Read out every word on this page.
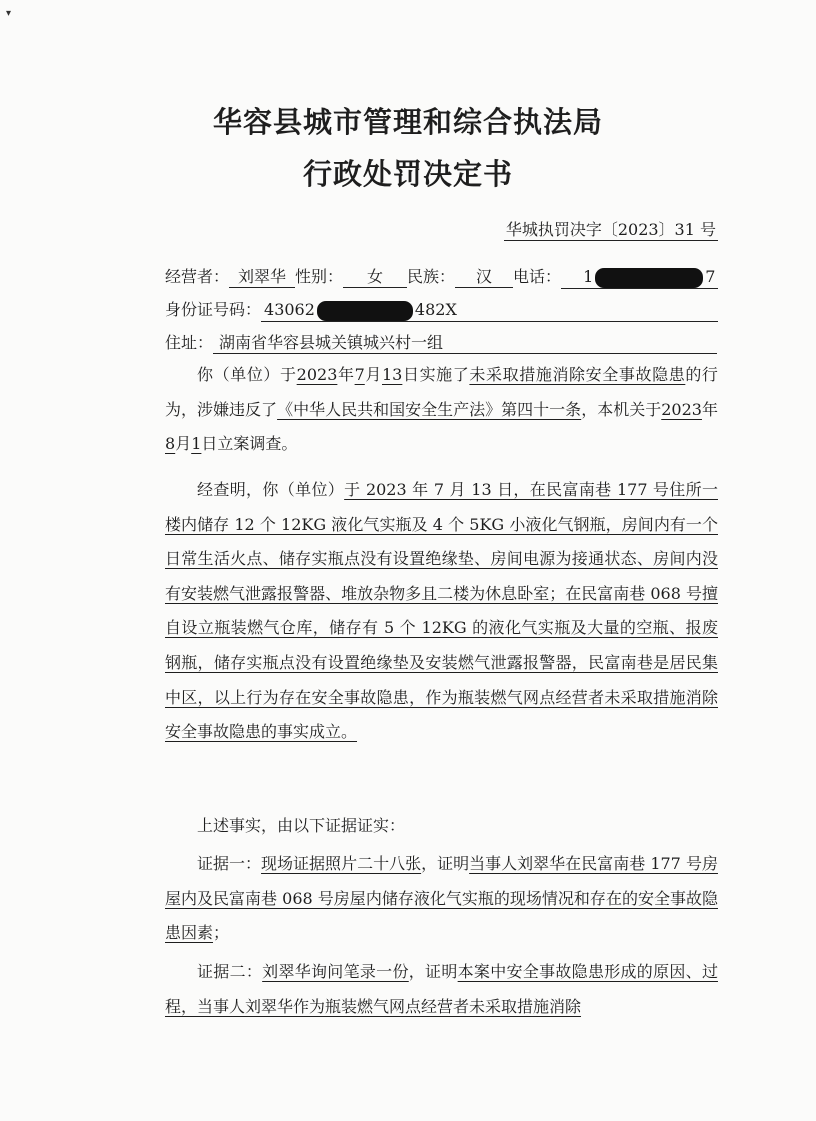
▾
华容县城市管理和综合执法局
行政处罚决定书
华城执罚决字〔2023〕31 号
经营者： 刘翠华 性别： 女 民族： 汉 电话： 1	7
身份证号码： 43062	482X
住址： 湖南省华容县城关镇城兴村一组

你（单位）于2023年7月13日实施了未采取措施消除安全事故隐患的行为，涉嫌违反了《中华人民共和国安全生产法》第四十一条，本机关于2023年8月1日立案调查。

经查明，你（单位）于 2023 年 7 月 13 日，在民富南巷 177 号住所一楼内储存 12 个 12KG 液化气实瓶及 4 个 5KG 小液化气钢瓶，房间内有一个日常生活火点、储存实瓶点没有设置绝缘垫、房间电源为接通状态、房间内没有安装燃气泄露报警器、堆放杂物多且二楼为休息卧室；在民富南巷 068 号擅自设立瓶装燃气仓库，储存有 5 个 12KG 的液化气实瓶及大量的空瓶、报废钢瓶，储存实瓶点没有设置绝缘垫及安装燃气泄露报警器，民富南巷是居民集中区，以上行为存在安全事故隐患，作为瓶装燃气网点经营者未采取措施消除安全事故隐患的事实成立。

上述事实，由以下证据证实：

证据一：现场证据照片二十八张，证明当事人刘翠华在民富南巷 177 号房屋内及民富南巷 068 号房屋内储存液化气实瓶的现场情况和存在的安全事故隐患因素；

证据二：刘翠华询问笔录一份，证明本案中安全事故隐患形成的原因、过程，当事人刘翠华作为瓶装燃气网点经营者未采取措施消除
